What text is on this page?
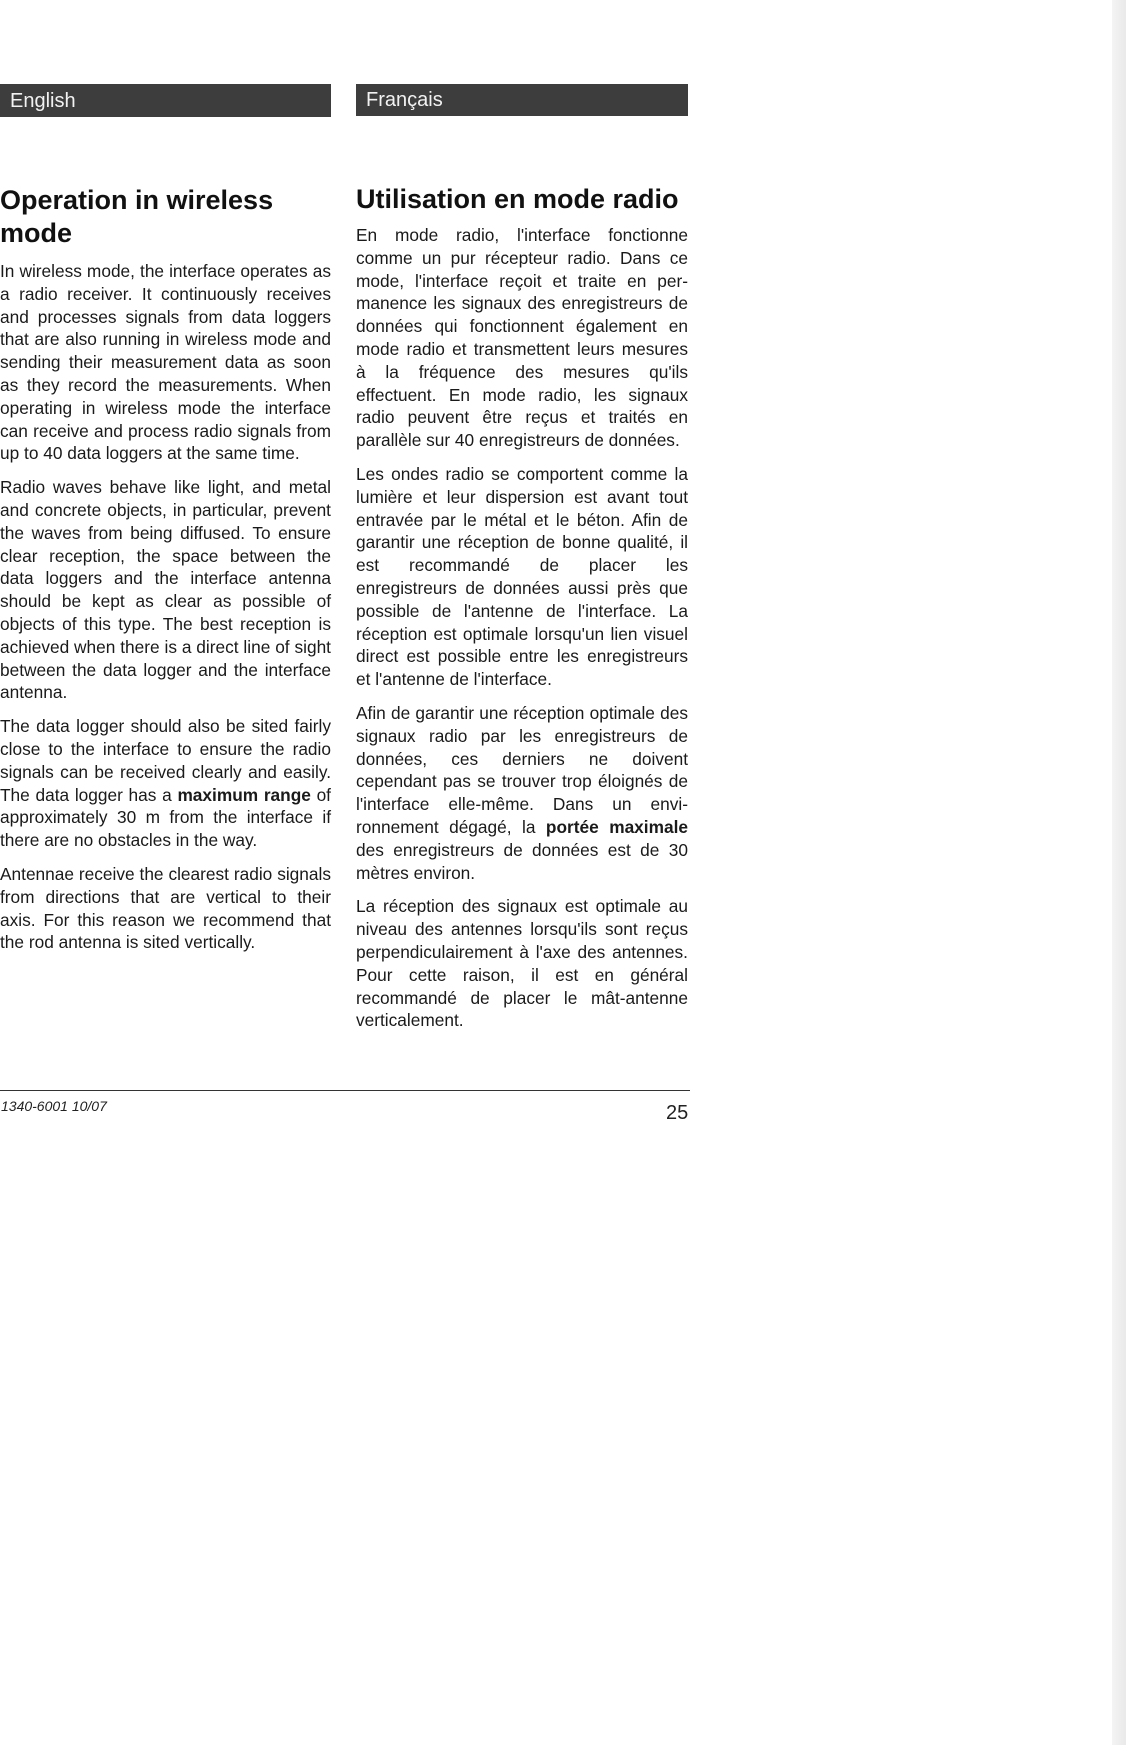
English
Operation in wireless mode

In wireless mode, the interface operates as a radio receiver. It continuously receives and processes signals from data loggers that are also running in wireless mode and sending their measurement data as soon as they record the measurements. When operating in wireless mode the interface can receive and process radio signals from up to 40 data loggers at the same time.

Radio waves behave like light, and metal and concrete objects, in particular, prevent the waves from being diffused. To ensure clear reception, the space between the data loggers and the interface antenna should be kept as clear as possible of objects of this type. The best reception is achieved when there is a direct line of sight between the data logger and the interface antenna.

The data logger should also be sited fairly close to the interface to ensure the radio signals can be received clearly and easily. The data logger has a maximum range of approximately 30 m from the interface if there are no obstacles in the way.

Antennae receive the clearest radio signals from directions that are vertical to their axis. For this reason we recommend that the rod antenna is sited vertically.

Français
Utilisation en mode radio

En mode radio, l'interface fonctionne comme un pur récepteur radio. Dans ce mode, l'interface reçoit et traite en permanence les signaux des enregistreurs de données qui fonctionnent également en mode radio et transmettent leurs mesures à la fréquence des mesures qu'ils effectuent. En mode radio, les signaux radio peuvent être reçus et traités en parallèle sur 40 enregistreurs de données.

Les ondes radio se comportent comme la lumière et leur dispersion est avant tout entravée par le métal et le béton. Afin de garantir une réception de bonne qualité, il est recommandé de placer les enregistreurs de données aussi près que possible de l'antenne de l'interface. La réception est optimale lorsqu'un lien visuel direct est possible entre les enregistreurs et l'antenne de l'interface.

Afin de garantir une réception optimale des signaux radio par les enregistreurs de données, ces derniers ne doivent cependant pas se trouver trop éloignés de l'interface elle-même. Dans un environnement dégagé, la portée maximale des enregistreurs de données est de 30 mètres environ.

La réception des signaux est optimale au niveau des antennes lorsqu'ils sont reçus perpendiculairement à l'axe des antennes. Pour cette raison, il est en général recommandé de placer le mât-antenne verticalement.

1340-6001 10/07	25
